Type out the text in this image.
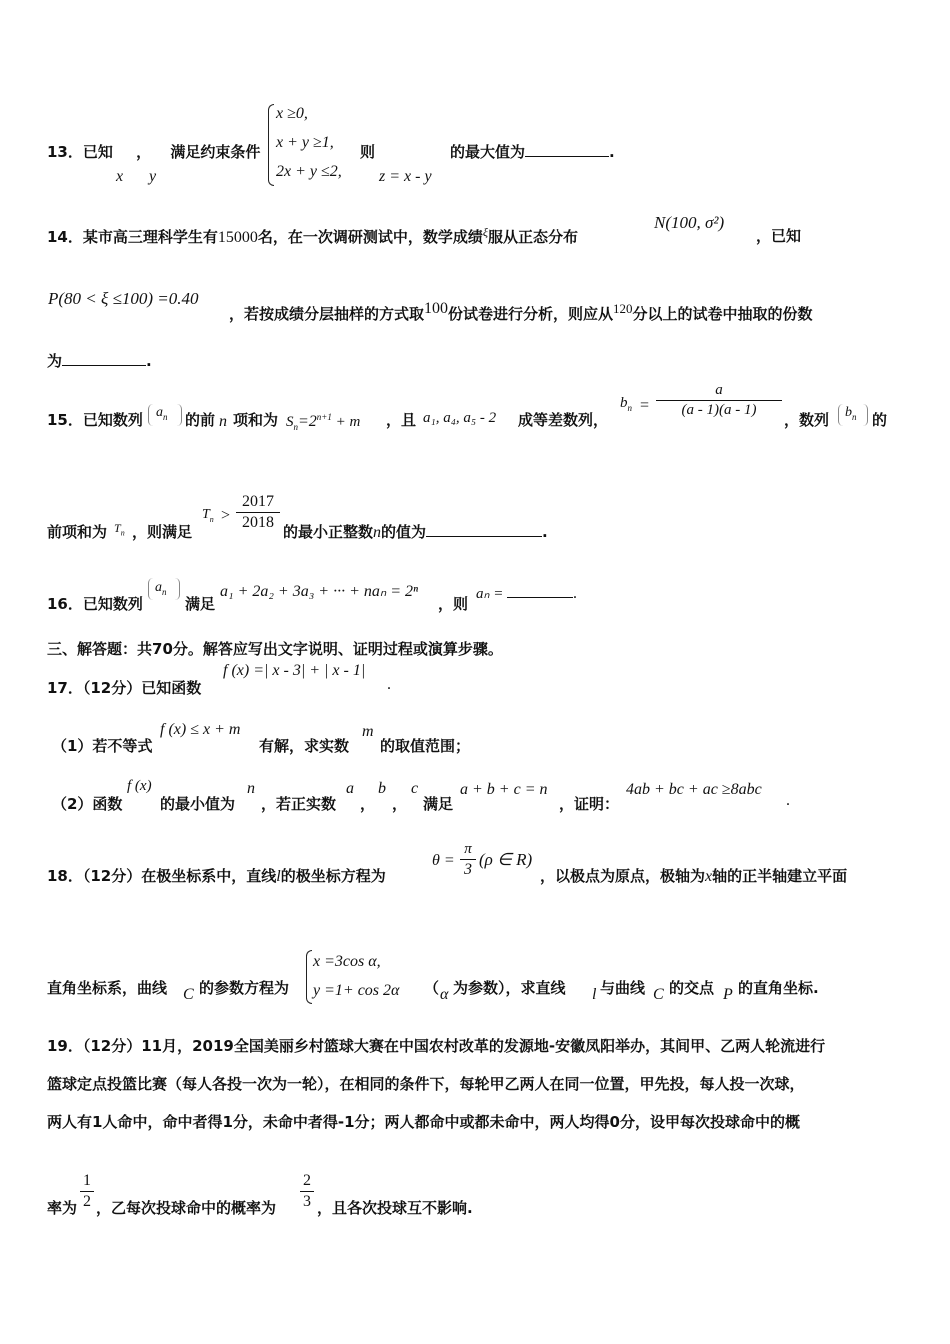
13．已知 ， 满足约束条件
x y
x ≥0,
x + y ≥1,
2x + y ≤2,
则
z = x - y
的最大值为	.
14．某市高三理科学生有15000名，在一次调研测试中，数学成绩$^\xi$服从正态分布
N(100, σ²)
，已知
P(80 < ξ ≤100) =0.40
，若按成绩分层抽样的方式取100份试卷进行分析，则应从120分以上的试卷中抽取的份数
为	.
15．已知数列 $a_n$ 的前 n 项和为 $S_n=2^{n+1} + m$ ，且 a₁, a₄, a₅ - 2 成等差数列，
$b_n$ =
a
(a - 1)(a - 1)
，数列 $b_n$ 的
前项和为 $T_n$ ，则满足
$T_n$ >
2017
2018
的最小正整数n的值为	.
16．已知数列
$a_n$
满足
a₁ + 2a₂ + 3a₃ + ··· + naₙ = 2ⁿ
，则
aₙ =	.
三、解答题：共70分。解答应写出文字说明、证明过程或演算步骤。
17．（12分）已知函数
f (x) =| x - 3| + | x - 1|
.
（1）若不等式
f (x) ≤ x + m
有解，求实数
m
的取值范围；
（2）函数
f (x)
的最小值为
n
，若正实数
a
，
b
，
c
满足
a + b + c = n
，证明：
4ab + bc + ac ≥8abc
.
18．（12分）在极坐标系中，直线l的极坐标方程为
θ =
π
3
(ρ ∈ R)
，以极点为原点，极轴为x轴的正半轴建立平面
直角坐标系，曲线 C 的参数方程为
x =3cos α,
y =1+ cos 2α （ α 为参数），求直线 l 与曲线 C 的交点 P 的直角坐标.
19．（12分）11月，2019全国美丽乡村篮球大赛在中国农村改革的发源地-安徽凤阳举办，其间甲、乙两人轮流进行
篮球定点投篮比赛（每人各投一次为一轮），在相同的条件下，每轮甲乙两人在同一位置，甲先投，每人投一次球，
两人有1人命中，命中者得1分，未命中者得-1分；两人都命中或都未命中，两人均得0分，设甲每次投球命中的概
率为
1
2 ，乙每次投球命中的概率为
2
3 ，且各次投球互不影响.
